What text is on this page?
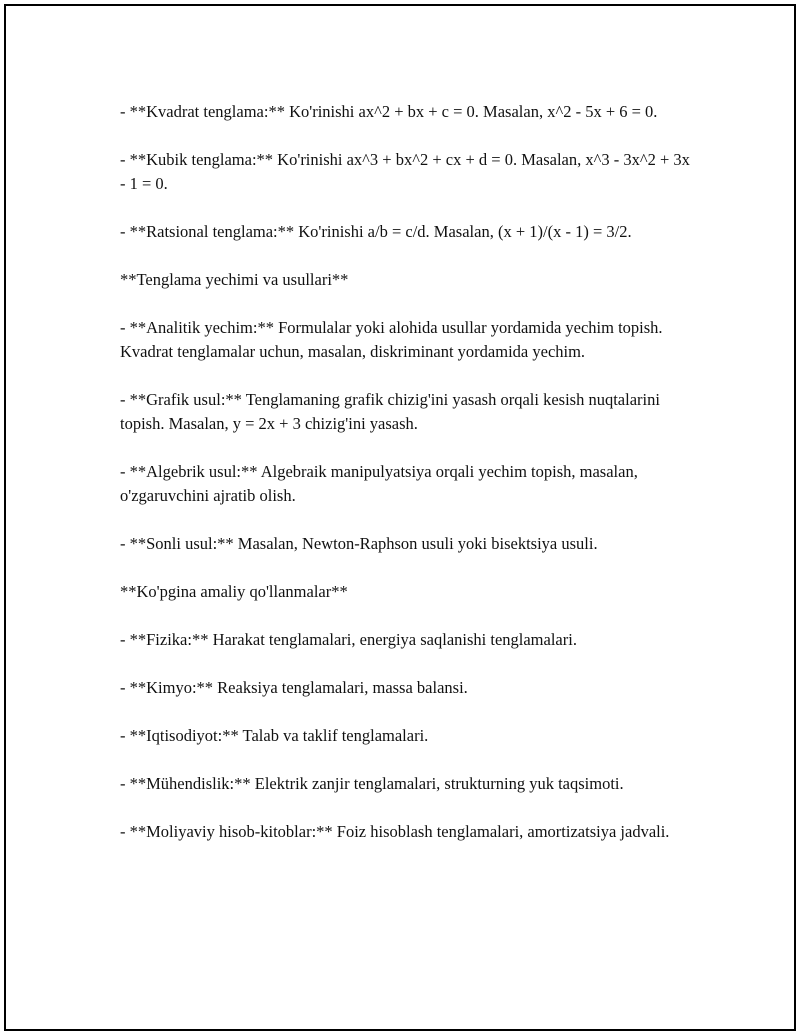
- **Kvadrat tenglama:** Ko'rinishi ax^2 + bx + c = 0. Masalan, x^2 - 5x + 6 = 0.

- **Kubik tenglama:** Ko'rinishi ax^3 + bx^2 + cx + d = 0. Masalan, x^3 - 3x^2 + 3x - 1 = 0.

- **Ratsional tenglama:** Ko'rinishi a/b = c/d. Masalan, (x + 1)/(x - 1) = 3/2.

**Tenglama yechimi va usullari**

- **Analitik yechim:** Formulalar yoki alohida usullar yordamida yechim topish. Kvadrat tenglamalar uchun, masalan, diskriminant yordamida yechim.

- **Grafik usul:** Tenglamaning grafik chizig'ini yasash orqali kesish nuqtalarini topish. Masalan, y = 2x + 3 chizig'ini yasash.

- **Algebrik usul:** Algebraik manipulyatsiya orqali yechim topish, masalan, o'zgaruvchini ajratib olish.

- **Sonli usul:** Masalan, Newton-Raphson usuli yoki bisektsiya usuli.

**Ko'pgina amaliy qo'llanmalar**

- **Fizika:** Harakat tenglamalari, energiya saqlanishi tenglamalari.

- **Kimyo:** Reaksiya tenglamalari, massa balansi.

- **Iqtisodiyot:** Talab va taklif tenglamalari.

- **Mühendislik:** Elektrik zanjir tenglamalari, strukturning yuk taqsimoti.

- **Moliyaviy hisob-kitoblar:** Foiz hisoblash tenglamalari, amortizatsiya jadvali.
